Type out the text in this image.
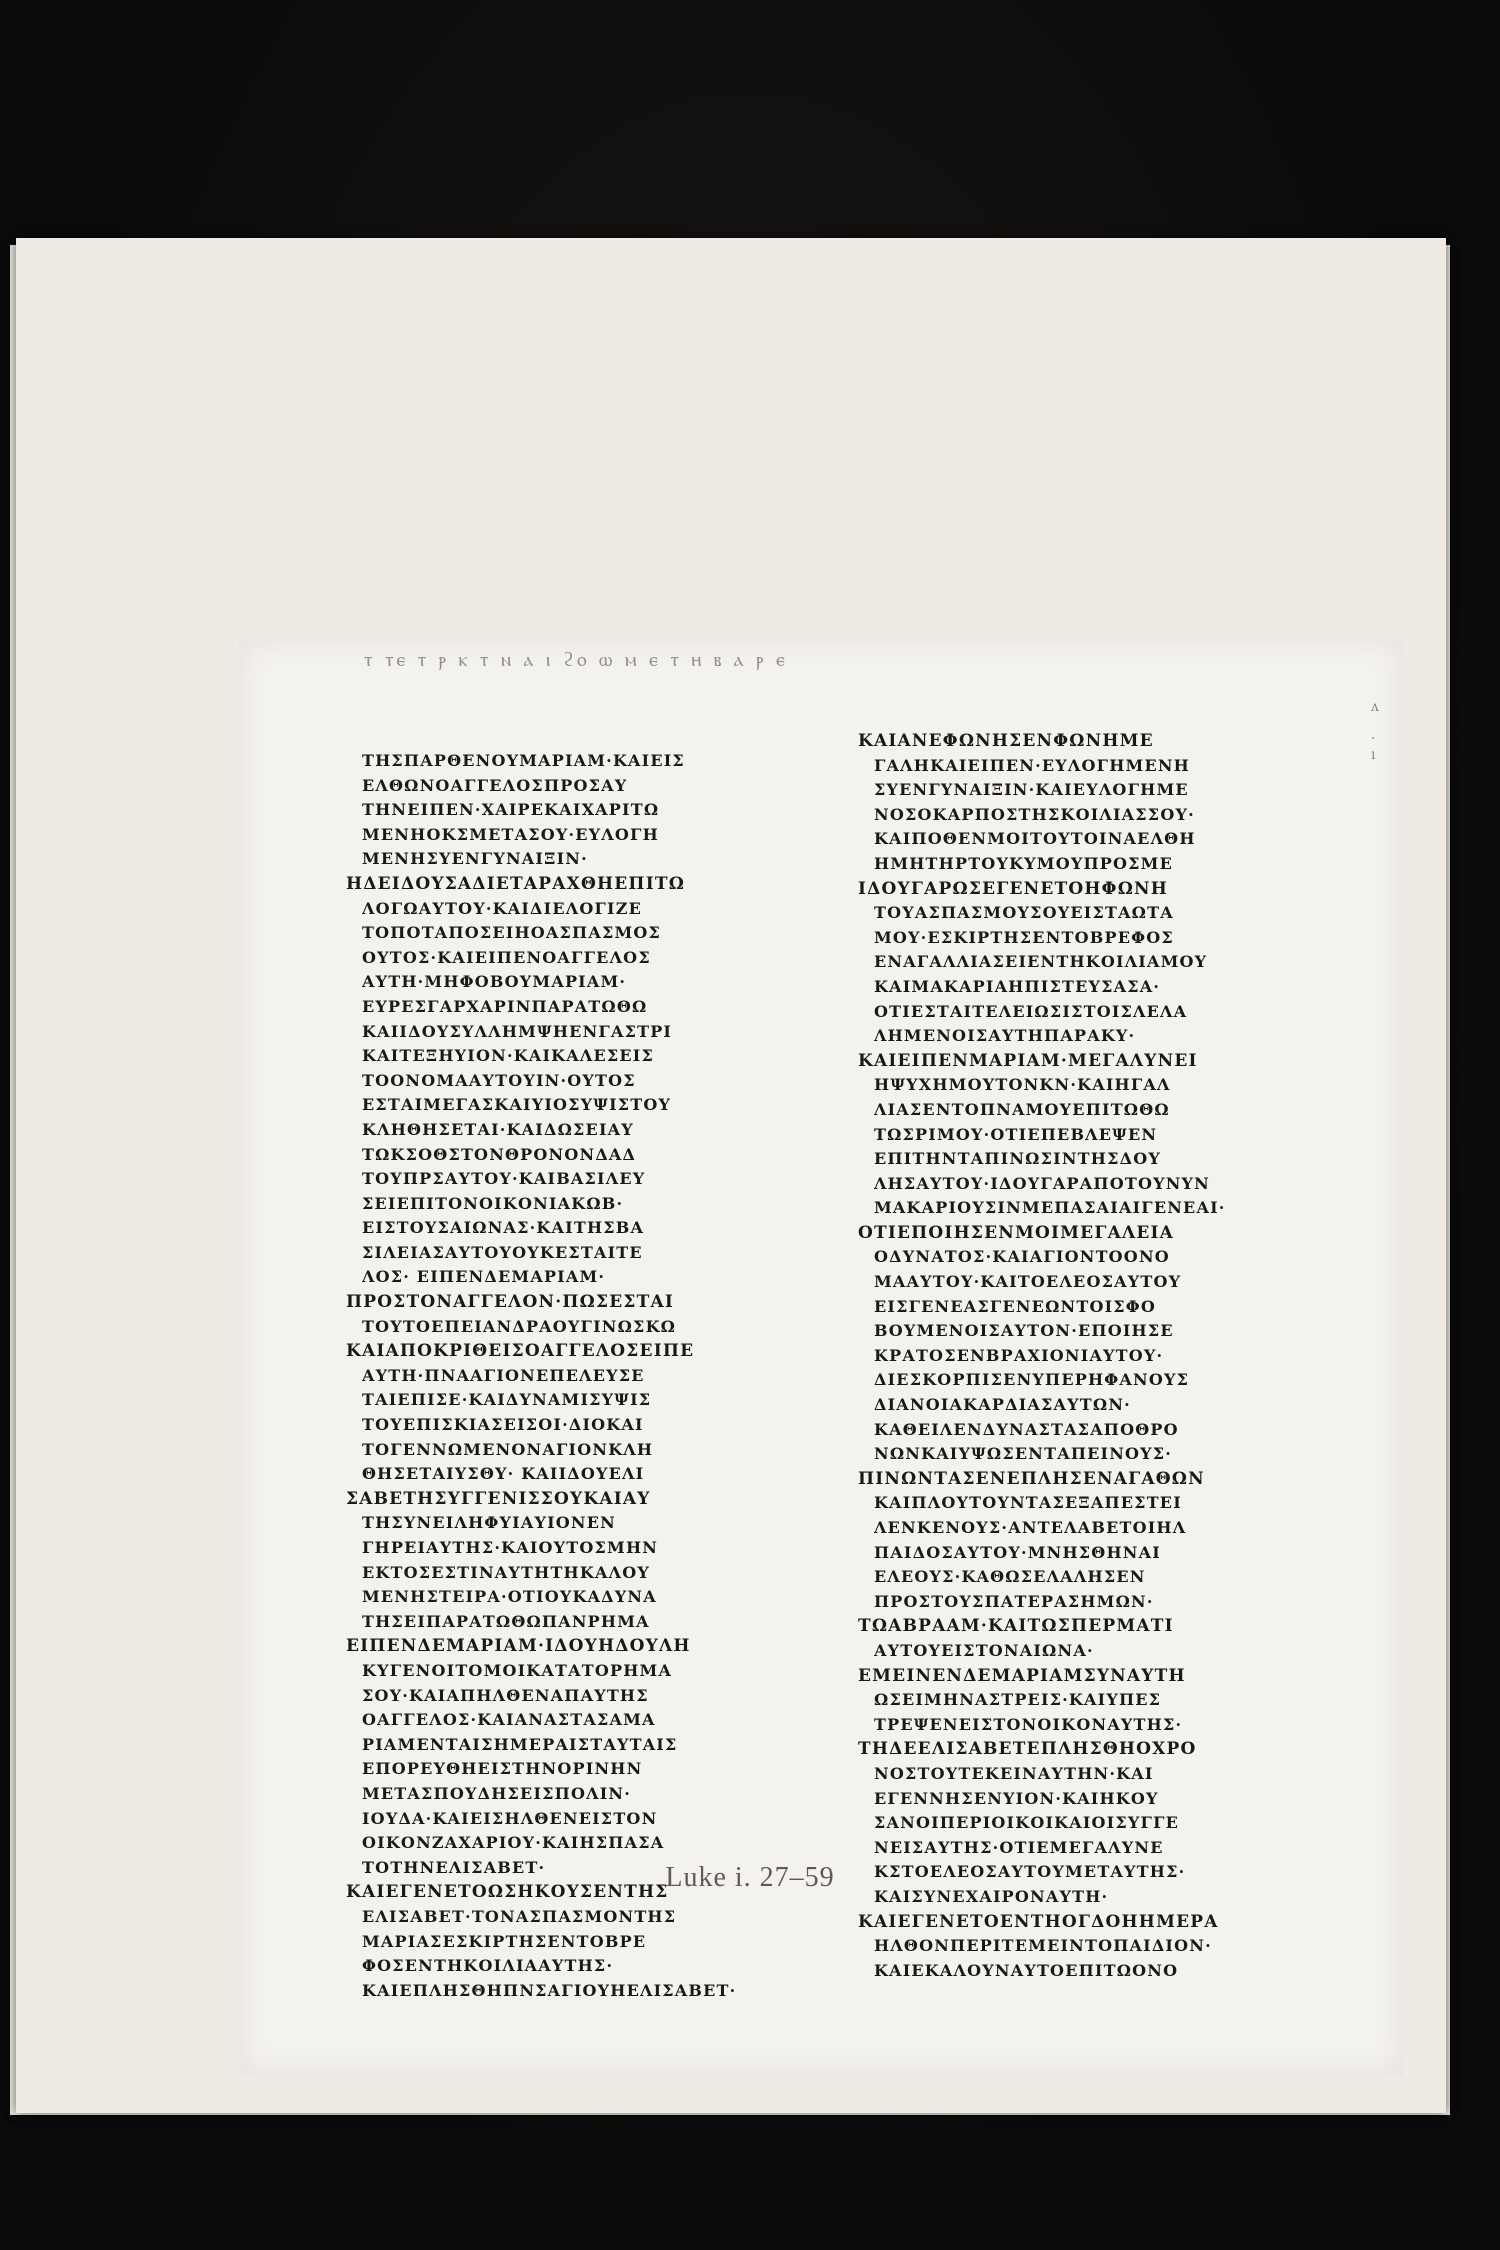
ⲧ ⲧⲉ ⲧ ⲣ ⲕ ⲧ ⲛ ⲁ ⲓ ϩⲟ ⲱ ⲙ ⲉ ⲧ ⲏ ⲃ ⲁ ⲣ ⲉ
ΤΗΣΠΑΡΘΕΝΟΥΜΑΡΙΑΜ·ΚΑΙΕΙΣ
ΕΛΘΩΝΟΑΓΓΕΛΟΣΠΡΟΣΑΥ
ΤΗΝΕΙΠΕΝ·ΧΑΙΡΕΚΑΙΧΑΡΙΤΩ
ΜΕΝΗΟΚΣΜΕΤΑΣΟΥ·ΕΥΛΟΓΗ
ΜΕΝΗΣΥΕΝΓΥΝΑΙΞΙΝ·
ΗΔΕΙΔΟΥΣΑΔΙΕΤΑΡΑΧΘΗΕΠΙΤΩ
ΛΟΓΩΑΥΤΟΥ·ΚΑΙΔΙΕΛΟΓΙΖΕ
ΤΟΠΟΤΑΠΟΣΕΙΗΟΑΣΠΑΣΜΟΣ
ΟΥΤΟΣ·ΚΑΙΕΙΠΕΝΟΑΓΓΕΛΟΣ
ΑΥΤΗ·ΜΗΦΟΒΟΥΜΑΡΙΑΜ·
ΕΥΡΕΣΓΑΡΧΑΡΙΝΠΑΡΑΤΩΘΩ
ΚΑΙΙΔΟΥΣΥΛΛΗΜΨΗΕΝΓΑΣΤΡΙ
ΚΑΙΤΕΞΗΥΙΟΝ·ΚΑΙΚΑΛΕΣΕΙΣ
ΤΟΟΝΟΜΑΑΥΤΟΥΙΝ·ΟΥΤΟΣ
ΕΣΤΑΙΜΕΓΑΣΚΑΙΥΙΟΣΥΨΙΣΤΟΥ
ΚΛΗΘΗΣΕΤΑΙ·ΚΑΙΔΩΣΕΙΑΥ
ΤΩΚΣΟΘΣΤΟΝΘΡΟΝΟΝΔΑΔ
ΤΟΥΠΡΣΑΥΤΟΥ·ΚΑΙΒΑΣΙΛΕΥ
ΣΕΙΕΠΙΤΟΝΟΙΚΟΝΙΑΚΩΒ·
ΕΙΣΤΟΥΣΑΙΩΝΑΣ·ΚΑΙΤΗΣΒΑ
ΣΙΛΕΙΑΣΑΥΤΟΥΟΥΚΕΣΤΑΙΤΕ
ΛΟΣ· ΕΙΠΕΝΔΕΜΑΡΙΑΜ·
ΠΡΟΣΤΟΝΑΓΓΕΛΟΝ·ΠΩΣΕΣΤΑΙ
ΤΟΥΤΟΕΠΕΙΑΝΔΡΑΟΥΓΙΝΩΣΚΩ
ΚΑΙΑΠΟΚΡΙΘΕΙΣΟΑΓΓΕΛΟΣΕΙΠΕ
ΑΥΤΗ·ΠΝΑΑΓΙΟΝΕΠΕΛΕΥΣΕ
ΤΑΙΕΠΙΣΕ·ΚΑΙΔΥΝΑΜΙΣΥΨΙΣ
ΤΟΥΕΠΙΣΚΙΑΣΕΙΣΟΙ·ΔΙΟΚΑΙ
ΤΟΓΕΝΝΩΜΕΝΟΝΑΓΙΟΝΚΛΗ
ΘΗΣΕΤΑΙΥΣΘΥ· ΚΑΙΙΔΟΥΕΛΙ
ΣΑΒΕΤΗΣΥΓΓΕΝΙΣΣΟΥΚΑΙΑΥ
ΤΗΣΥΝΕΙΛΗΦΥΙΑΥΙΟΝΕΝ
ΓΗΡΕΙΑΥΤΗΣ·ΚΑΙΟΥΤΟΣΜΗΝ
ΕΚΤΟΣΕΣΤΙΝΑΥΤΗΤΗΚΑΛΟΥ
ΜΕΝΗΣΤΕΙΡΑ·ΟΤΙΟΥΚΑΔΥΝΑ
ΤΗΣΕΙΠΑΡΑΤΩΘΩΠΑΝΡΗΜΑ
ΕΙΠΕΝΔΕΜΑΡΙΑΜ·ΙΔΟΥΗΔΟΥΛΗ
ΚΥΓΕΝΟΙΤΟΜΟΙΚΑΤΑΤΟΡΗΜΑ
ΣΟΥ·ΚΑΙΑΠΗΛΘΕΝΑΠΑΥΤΗΣ
ΟΑΓΓΕΛΟΣ·ΚΑΙΑΝΑΣΤΑΣΑΜΑ
ΡΙΑΜΕΝΤΑΙΣΗΜΕΡΑΙΣΤΑΥΤΑΙΣ
ΕΠΟΡΕΥΘΗΕΙΣΤΗΝΟΡΙΝΗΝ
ΜΕΤΑΣΠΟΥΔΗΣΕΙΣΠΟΛΙΝ·
ΙΟΥΔΑ·ΚΑΙΕΙΣΗΛΘΕΝΕΙΣΤΟΝ
ΟΙΚΟΝΖΑΧΑΡΙΟΥ·ΚΑΙΗΣΠΑΣΑ
ΤΟΤΗΝΕΛΙΣΑΒΕΤ·
ΚΑΙΕΓΕΝΕΤΟΩΣΗΚΟΥΣΕΝΤΗΣ
ΕΛΙΣΑΒΕΤ·ΤΟΝΑΣΠΑΣΜΟΝΤΗΣ
ΜΑΡΙΑΣΕΣΚΙΡΤΗΣΕΝΤΟΒΡΕ
ΦΟΣΕΝΤΗΚΟΙΛΙΑΑΥΤΗΣ·
ΚΑΙΕΠΛΗΣΘΗΠΝΣΑΓΙΟΥΗΕΛΙΣΑΒΕΤ·
ΚΑΙΑΝΕΦΩΝΗΣΕΝΦΩΝΗΜΕ
ΓΑΛΗΚΑΙΕΙΠΕΝ·ΕΥΛΟΓΗΜΕΝΗ
ΣΥΕΝΓΥΝΑΙΞΙΝ·ΚΑΙΕΥΛΟΓΗΜΕ
ΝΟΣΟΚΑΡΠΟΣΤΗΣΚΟΙΛΙΑΣΣΟΥ·
ΚΑΙΠΟΘΕΝΜΟΙΤΟΥΤΟΙΝΑΕΛΘΗ
ΗΜΗΤΗΡΤΟΥΚΥΜΟΥΠΡΟΣΜΕ
ΙΔΟΥΓΑΡΩΣΕΓΕΝΕΤΟΗΦΩΝΗ
ΤΟΥΑΣΠΑΣΜΟΥΣΟΥΕΙΣΤΑΩΤΑ
ΜΟΥ·ΕΣΚΙΡΤΗΣΕΝΤΟΒΡΕΦΟΣ
ΕΝΑΓΑΛΛΙΑΣΕΙΕΝΤΗΚΟΙΛΙΑΜΟΥ
ΚΑΙΜΑΚΑΡΙΑΗΠΙΣΤΕΥΣΑΣΑ·
ΟΤΙΕΣΤΑΙΤΕΛΕΙΩΣΙΣΤΟΙΣΛΕΛΑ
ΛΗΜΕΝΟΙΣΑΥΤΗΠΑΡΑΚΥ·
ΚΑΙΕΙΠΕΝΜΑΡΙΑΜ·ΜΕΓΑΛΥΝΕΙ
ΗΨΥΧΗΜΟΥΤΟΝΚΝ·ΚΑΙΗΓΑΛ
ΛΙΑΣΕΝΤΟΠΝΑΜΟΥΕΠΙΤΩΘΩ
ΤΩΣΡΙΜΟΥ·ΟΤΙΕΠΕΒΛΕΨΕΝ
ΕΠΙΤΗΝΤΑΠΙΝΩΣΙΝΤΗΣΔΟΥ
ΛΗΣΑΥΤΟΥ·ΙΔΟΥΓΑΡΑΠΟΤΟΥΝΥΝ
ΜΑΚΑΡΙΟΥΣΙΝΜΕΠΑΣΑΙΑΙΓΕΝΕΑΙ·
ΟΤΙΕΠΟΙΗΣΕΝΜΟΙΜΕΓΑΛΕΙΑ
ΟΔΥΝΑΤΟΣ·ΚΑΙΑΓΙΟΝΤΟΟΝΟ
ΜΑΑΥΤΟΥ·ΚΑΙΤΟΕΛΕΟΣΑΥΤΟΥ
ΕΙΣΓΕΝΕΑΣΓΕΝΕΩΝΤΟΙΣΦΟ
ΒΟΥΜΕΝΟΙΣΑΥΤΟΝ·ΕΠΟΙΗΣΕ
ΚΡΑΤΟΣΕΝΒΡΑΧΙΟΝΙΑΥΤΟΥ·
ΔΙΕΣΚΟΡΠΙΣΕΝΥΠΕΡΗΦΑΝΟΥΣ
ΔΙΑΝΟΙΑΚΑΡΔΙΑΣΑΥΤΩΝ·
ΚΑΘΕΙΛΕΝΔΥΝΑΣΤΑΣΑΠΟΘΡΟ
ΝΩΝΚΑΙΥΨΩΣΕΝΤΑΠΕΙΝΟΥΣ·
ΠΙΝΩΝΤΑΣΕΝΕΠΛΗΣΕΝΑΓΑΘΩΝ
ΚΑΙΠΛΟΥΤΟΥΝΤΑΣΕΞΑΠΕΣΤΕΙ
ΛΕΝΚΕΝΟΥΣ·ΑΝΤΕΛΑΒΕΤΟΙΗΛ
ΠΑΙΔΟΣΑΥΤΟΥ·ΜΝΗΣΘΗΝΑΙ
ΕΛΕΟΥΣ·ΚΑΘΩΣΕΛΑΛΗΣΕΝ
ΠΡΟΣΤΟΥΣΠΑΤΕΡΑΣΗΜΩΝ·
ΤΩΑΒΡΑΑΜ·ΚΑΙΤΩΣΠΕΡΜΑΤΙ
ΑΥΤΟΥΕΙΣΤΟΝΑΙΩΝΑ·
ΕΜΕΙΝΕΝΔΕΜΑΡΙΑΜΣΥΝΑΥΤΗ
ΩΣΕΙΜΗΝΑΣΤΡΕΙΣ·ΚΑΙΥΠΕΣ
ΤΡΕΨΕΝΕΙΣΤΟΝΟΙΚΟΝΑΥΤΗΣ·
ΤΗΔΕΕΛΙΣΑΒΕΤΕΠΛΗΣΘΗΟΧΡΟ
ΝΟΣΤΟΥΤΕΚΕΙΝΑΥΤΗΝ·ΚΑΙ
ΕΓΕΝΝΗΣΕΝΥΙΟΝ·ΚΑΙΗΚΟΥ
ΣΑΝΟΙΠΕΡΙΟΙΚΟΙΚΑΙΟΙΣΥΓΓΕ
ΝΕΙΣΑΥΤΗΣ·ΟΤΙΕΜΕΓΑΛΥΝΕ
ΚΣΤΟΕΛΕΟΣΑΥΤΟΥΜΕΤΑΥΤΗΣ·
ΚΑΙΣΥΝΕΧΑΙΡΟΝΑΥΤΗ·
ΚΑΙΕΓΕΝΕΤΟΕΝΤΗΟΓΔΟΗΗΜΕΡΑ
ΗΛΘΟΝΠΕΡΙΤΕΜΕΙΝΤΟΠΑΙΔΙΟΝ·
ΚΑΙΕΚΑΛΟΥΝΑΥΤΟΕΠΙΤΩΟΝΟ
ʌ

·
ı
Luke i. 27–59
